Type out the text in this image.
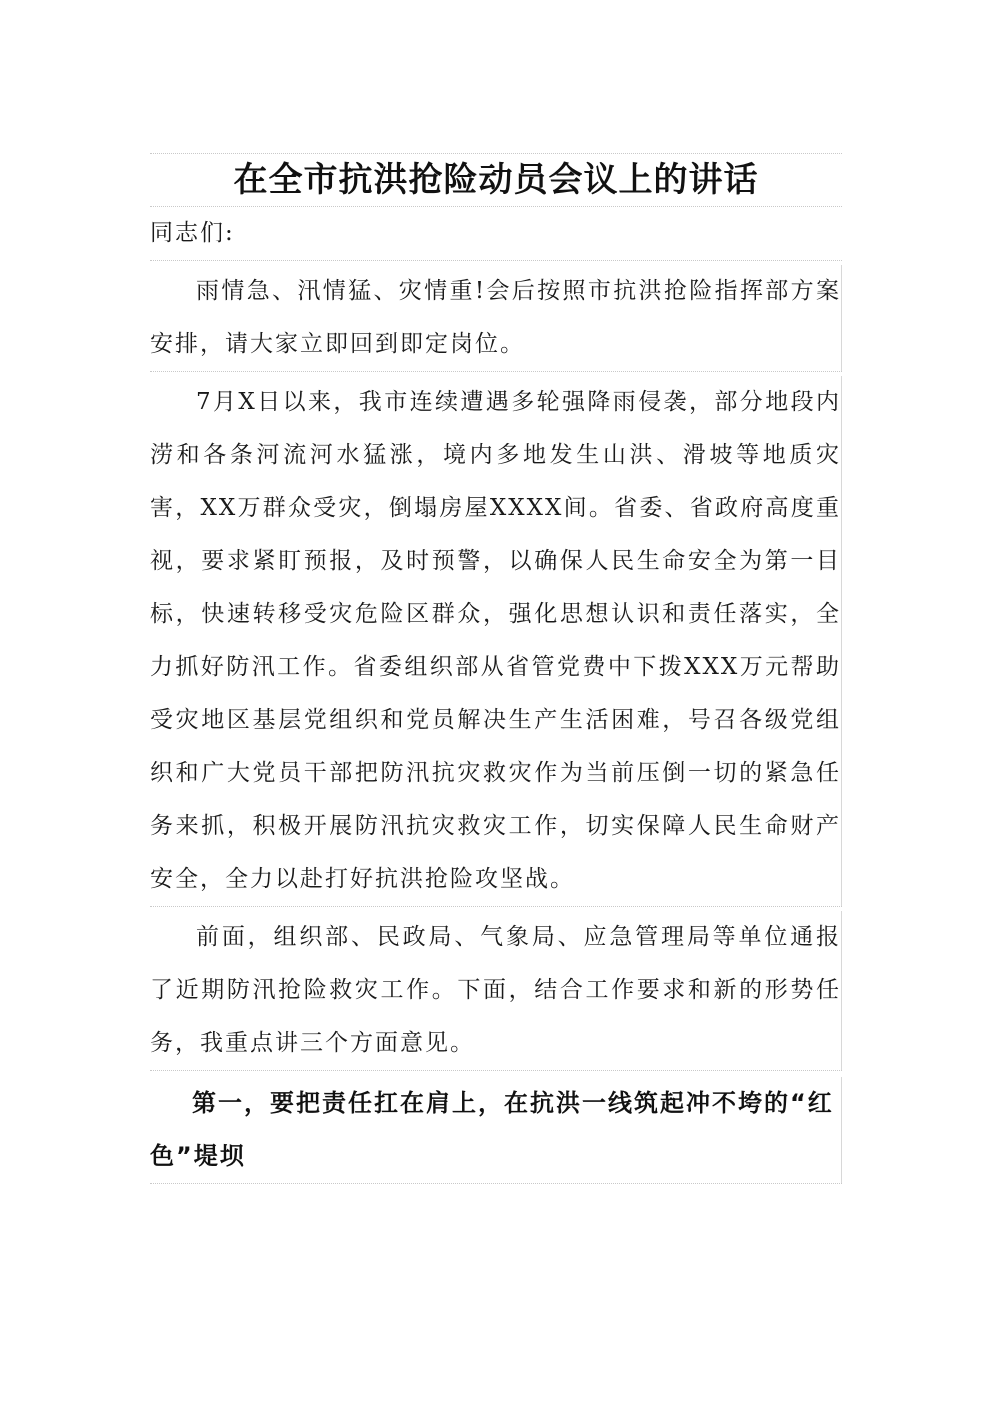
在全市抗洪抢险动员会议上的讲话
同志们:
雨情急、汛情猛、灾情重!会后按照市抗洪抢险指挥部方案安排，请大家立即回到即定岗位。
7月X日以来，我市连续遭遇多轮强降雨侵袭，部分地段内涝和各条河流河水猛涨，境内多地发生山洪、滑坡等地质灾害，XX万群众受灾，倒塌房屋XXXX间。省委、省政府高度重视，要求紧盯预报，及时预警，以确保人民生命安全为第一目标，快速转移受灾危险区群众，强化思想认识和责任落实，全力抓好防汛工作。省委组织部从省管党费中下拨XXX万元帮助受灾地区基层党组织和党员解决生产生活困难，号召各级党组织和广大党员干部把防汛抗灾救灾作为当前压倒一切的紧急任务来抓，积极开展防汛抗灾救灾工作，切实保障人民生命财产安全，全力以赴打好抗洪抢险攻坚战。
前面，组织部、民政局、气象局、应急管理局等单位通报了近期防汛抢险救灾工作。下面，结合工作要求和新的形势任务，我重点讲三个方面意见。
第一，要把责任扛在肩上，在抗洪一线筑起冲不垮的“红色”堤坝
